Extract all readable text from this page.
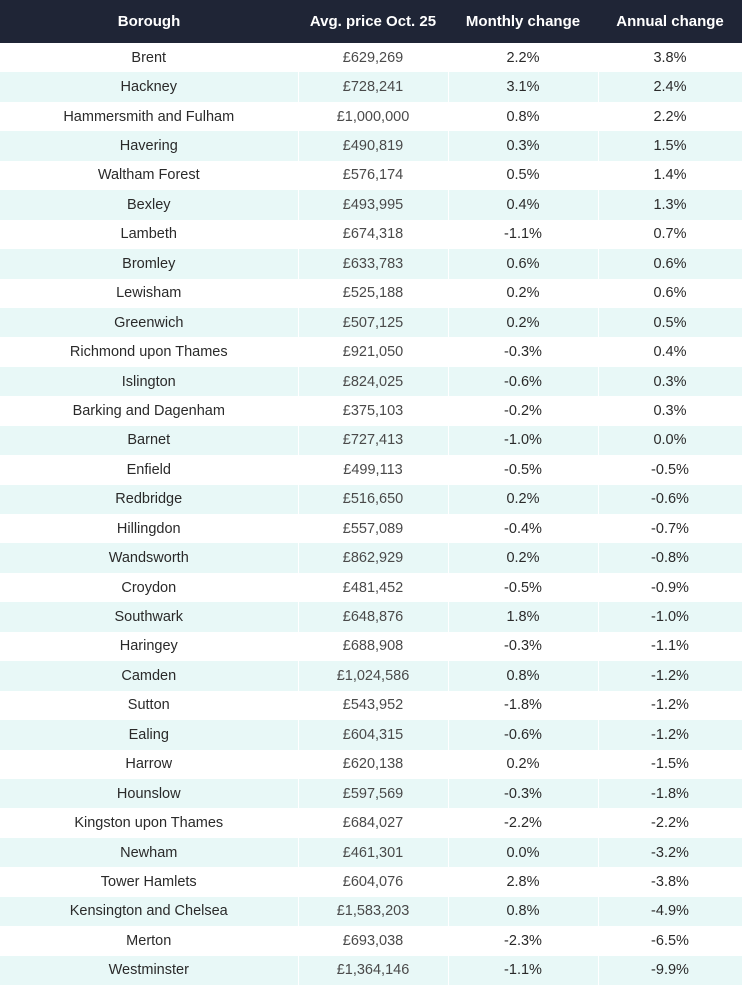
Borough	Avg. price Oct. 25	Monthly change	Annual change
Brent	£629,269	2.2%	3.8%
Hackney	£728,241	3.1%	2.4%
Hammersmith and Fulham	£1,000,000	0.8%	2.2%
Havering	£490,819	0.3%	1.5%
Waltham Forest	£576,174	0.5%	1.4%
Bexley	£493,995	0.4%	1.3%
Lambeth	£674,318	-1.1%	0.7%
Bromley	£633,783	0.6%	0.6%
Lewisham	£525,188	0.2%	0.6%
Greenwich	£507,125	0.2%	0.5%
Richmond upon Thames	£921,050	-0.3%	0.4%
Islington	£824,025	-0.6%	0.3%
Barking and Dagenham	£375,103	-0.2%	0.3%
Barnet	£727,413	-1.0%	0.0%
Enfield	£499,113	-0.5%	-0.5%
Redbridge	£516,650	0.2%	-0.6%
Hillingdon	£557,089	-0.4%	-0.7%
Wandsworth	£862,929	0.2%	-0.8%
Croydon	£481,452	-0.5%	-0.9%
Southwark	£648,876	1.8%	-1.0%
Haringey	£688,908	-0.3%	-1.1%
Camden	£1,024,586	0.8%	-1.2%
Sutton	£543,952	-1.8%	-1.2%
Ealing	£604,315	-0.6%	-1.2%
Harrow	£620,138	0.2%	-1.5%
Hounslow	£597,569	-0.3%	-1.8%
Kingston upon Thames	£684,027	-2.2%	-2.2%
Newham	£461,301	0.0%	-3.2%
Tower Hamlets	£604,076	2.8%	-3.8%
Kensington and Chelsea	£1,583,203	0.8%	-4.9%
Merton	£693,038	-2.3%	-6.5%
Westminster	£1,364,146	-1.1%	-9.9%
